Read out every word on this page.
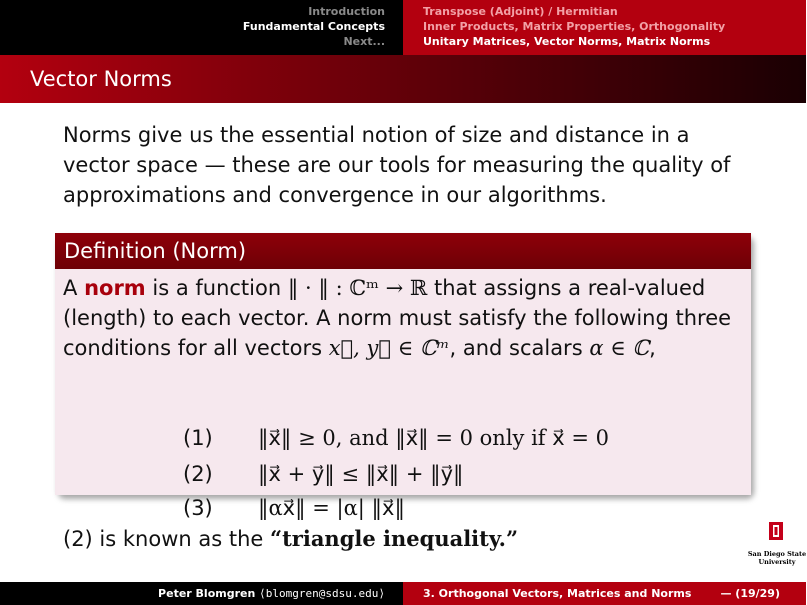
Introduction
Fundamental Concepts
Next...
Transpose (Adjoint) / Hermitian
Inner Products, Matrix Properties, Orthogonality
Unitary Matrices, Vector Norms, Matrix Norms
Vector Norms
Norms give us the essential notion of size and distance in a vector space — these are our tools for measuring the quality of approximations and convergence in our algorithms.
Definition (Norm)
A norm is a function ‖ · ‖ : ℂᵐ → ℝ that assigns a real-valued (length) to each vector. A norm must satisfy the following three conditions for all vectors x⃗, y⃗ ∈ ℂᵐ, and scalars α ∈ ℂ,
(1) ‖x⃗‖ ≥ 0, and ‖x⃗‖ = 0 only if x⃗ = 0
(2) ‖x⃗ + y⃗‖ ≤ ‖x⃗‖ + ‖y⃗‖
(3) ‖αx⃗‖ = |α| ‖x⃗‖
(2) is known as the “triangle inequality.”
San Diego State
University
Peter Blomgren ⟨blomgren@sdsu.edu⟩	3. Orthogonal Vectors, Matrices and Norms	— (19/29)
